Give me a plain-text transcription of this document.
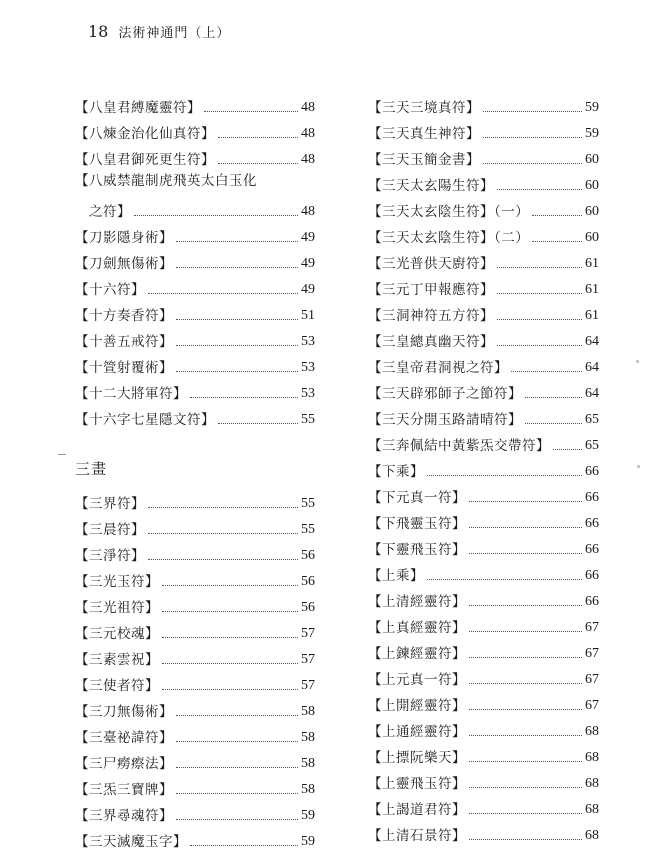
18 法術神通門（上）
【八皇君縛魔靈符】	48
【八煉金治化仙真符】	48
【八皇君御死更生符】	48
【八威禁龍制虎飛英太白玉化
之符】	48
【刀影隱身術】	49
【刀劍無傷術】	49
【十六符】	49
【十方奏香符】	51
【十善五戒符】	53
【十箮射覆術】	53
【十二大將軍符】	53
【十六字七星隱文符】	55
三畫
【三界符】	55
【三晨符】	55
【三淨符】	56
【三光玉符】	56
【三光祖符】	56
【三元校魂】	57
【三素雲祝】	57
【三使者符】	57
【三刀無傷術】	58
【三臺祕諱符】	58
【三尸癆瘵法】	58
【三炁三寶牌】	58
【三界尋魂符】	59
【三天滅魔玉字】	59
【三天三境真符】	59
【三天真生神符】	59
【三天玉簡金書】	60
【三天太玄陽生符】	60
【三天太玄陰生符】（一）	60
【三天太玄陰生符】（二）	60
【三光普供天廚符】	61
【三元丁甲報應符】	61
【三洞神符五方符】	61
【三皇總真幽天符】	64
【三皇帝君洞視之符】	64
【三天辟邪師子之節符】	64
【三天分開玉路請晴符】	65
【三奔佩結中黃紫炁交帶符】	65
【下乘】	66
【下元真一符】	66
【下飛靈玉符】	66
【下靈飛玉符】	66
【上乘】	66
【上清經靈符】	66
【上真經靈符】	67
【上鍊經靈符】	67
【上元真一符】	67
【上開經靈符】	67
【上通經靈符】	68
【上摽阮樂天】	68
【上靈飛玉符】	68
【上謁道君符】	68
【上清石景符】	68
